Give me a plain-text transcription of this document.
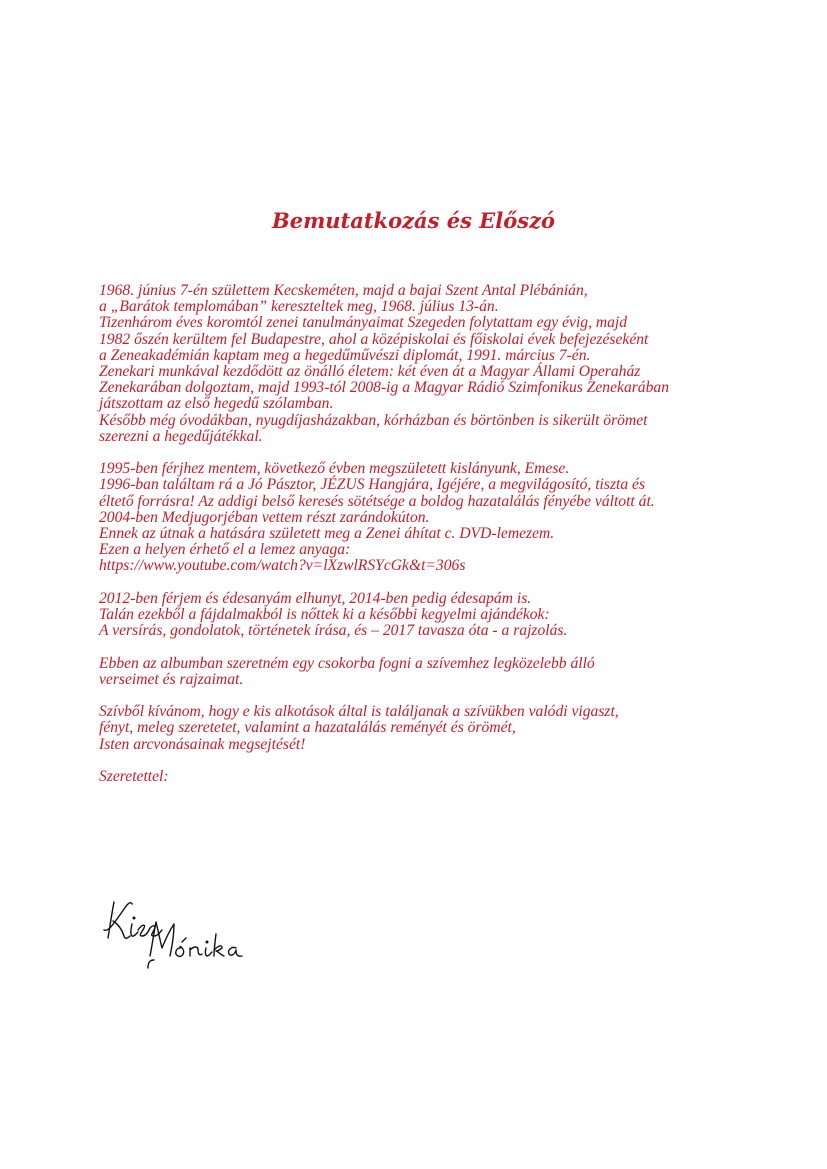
Bemutatkozás és Előszó

1968. június 7-én születtem Kecskeméten, majd a bajai Szent Antal Plébánián,
a „Barátok templomában” kereszteltek meg, 1968. július 13-án.
Tizenhárom éves koromtól zenei tanulmányaimat Szegeden folytattam egy évig, majd
1982 őszén kerültem fel Budapestre, ahol a középiskolai és főiskolai évek befejezéseként
a Zeneakadémián kaptam meg a hegedűművészi diplomát, 1991. március 7-én.
Zenekari munkával kezdődött az önálló életem: két éven át a Magyar Állami Operaház
Zenekarában dolgoztam, majd 1993-tól 2008-ig a Magyar Rádió Szimfonikus Zenekarában
játszottam az első hegedű szólamban.
Később még óvodákban, nyugdíjasházakban, kórházban és börtönben is sikerült örömet
szerezni a hegedűjátékkal.

1995-ben férjhez mentem, következő évben megszületett kislányunk, Emese.
1996-ban találtam rá a Jó Pásztor, JÉZUS Hangjára, Igéjére, a megvilágosító, tiszta és
éltető forrásra! Az addigi belső keresés sötétsége a boldog hazatalálás fényébe váltott át.
2004-ben Medjugorjéban vettem részt zarándokúton.
Ennek az útnak a hatására született meg a Zenei áhítat c. DVD-lemezem.
Ezen a helyen érhető el a lemez anyaga:
https://www.youtube.com/watch?v=lXzwlRSYcGk&t=306s

2012-ben férjem és édesanyám elhunyt, 2014-ben pedig édesapám is.
Talán ezekből a fájdalmakból is nőttek ki a későbbi kegyelmi ajándékok:
A versírás, gondolatok, történetek írása, és – 2017 tavasza óta - a rajzolás.

Ebben az albumban szeretném egy csokorba fogni a szívemhez legközelebb álló
verseimet és rajzaimat.

Szívből kívánom, hogy e kis alkotások által is találjanak a szívükben valódi vigaszt,
fényt, meleg szeretetet, valamint a hazatalálás reményét és örömét,
Isten arcvonásainak megsejtését!

Szeretettel:
